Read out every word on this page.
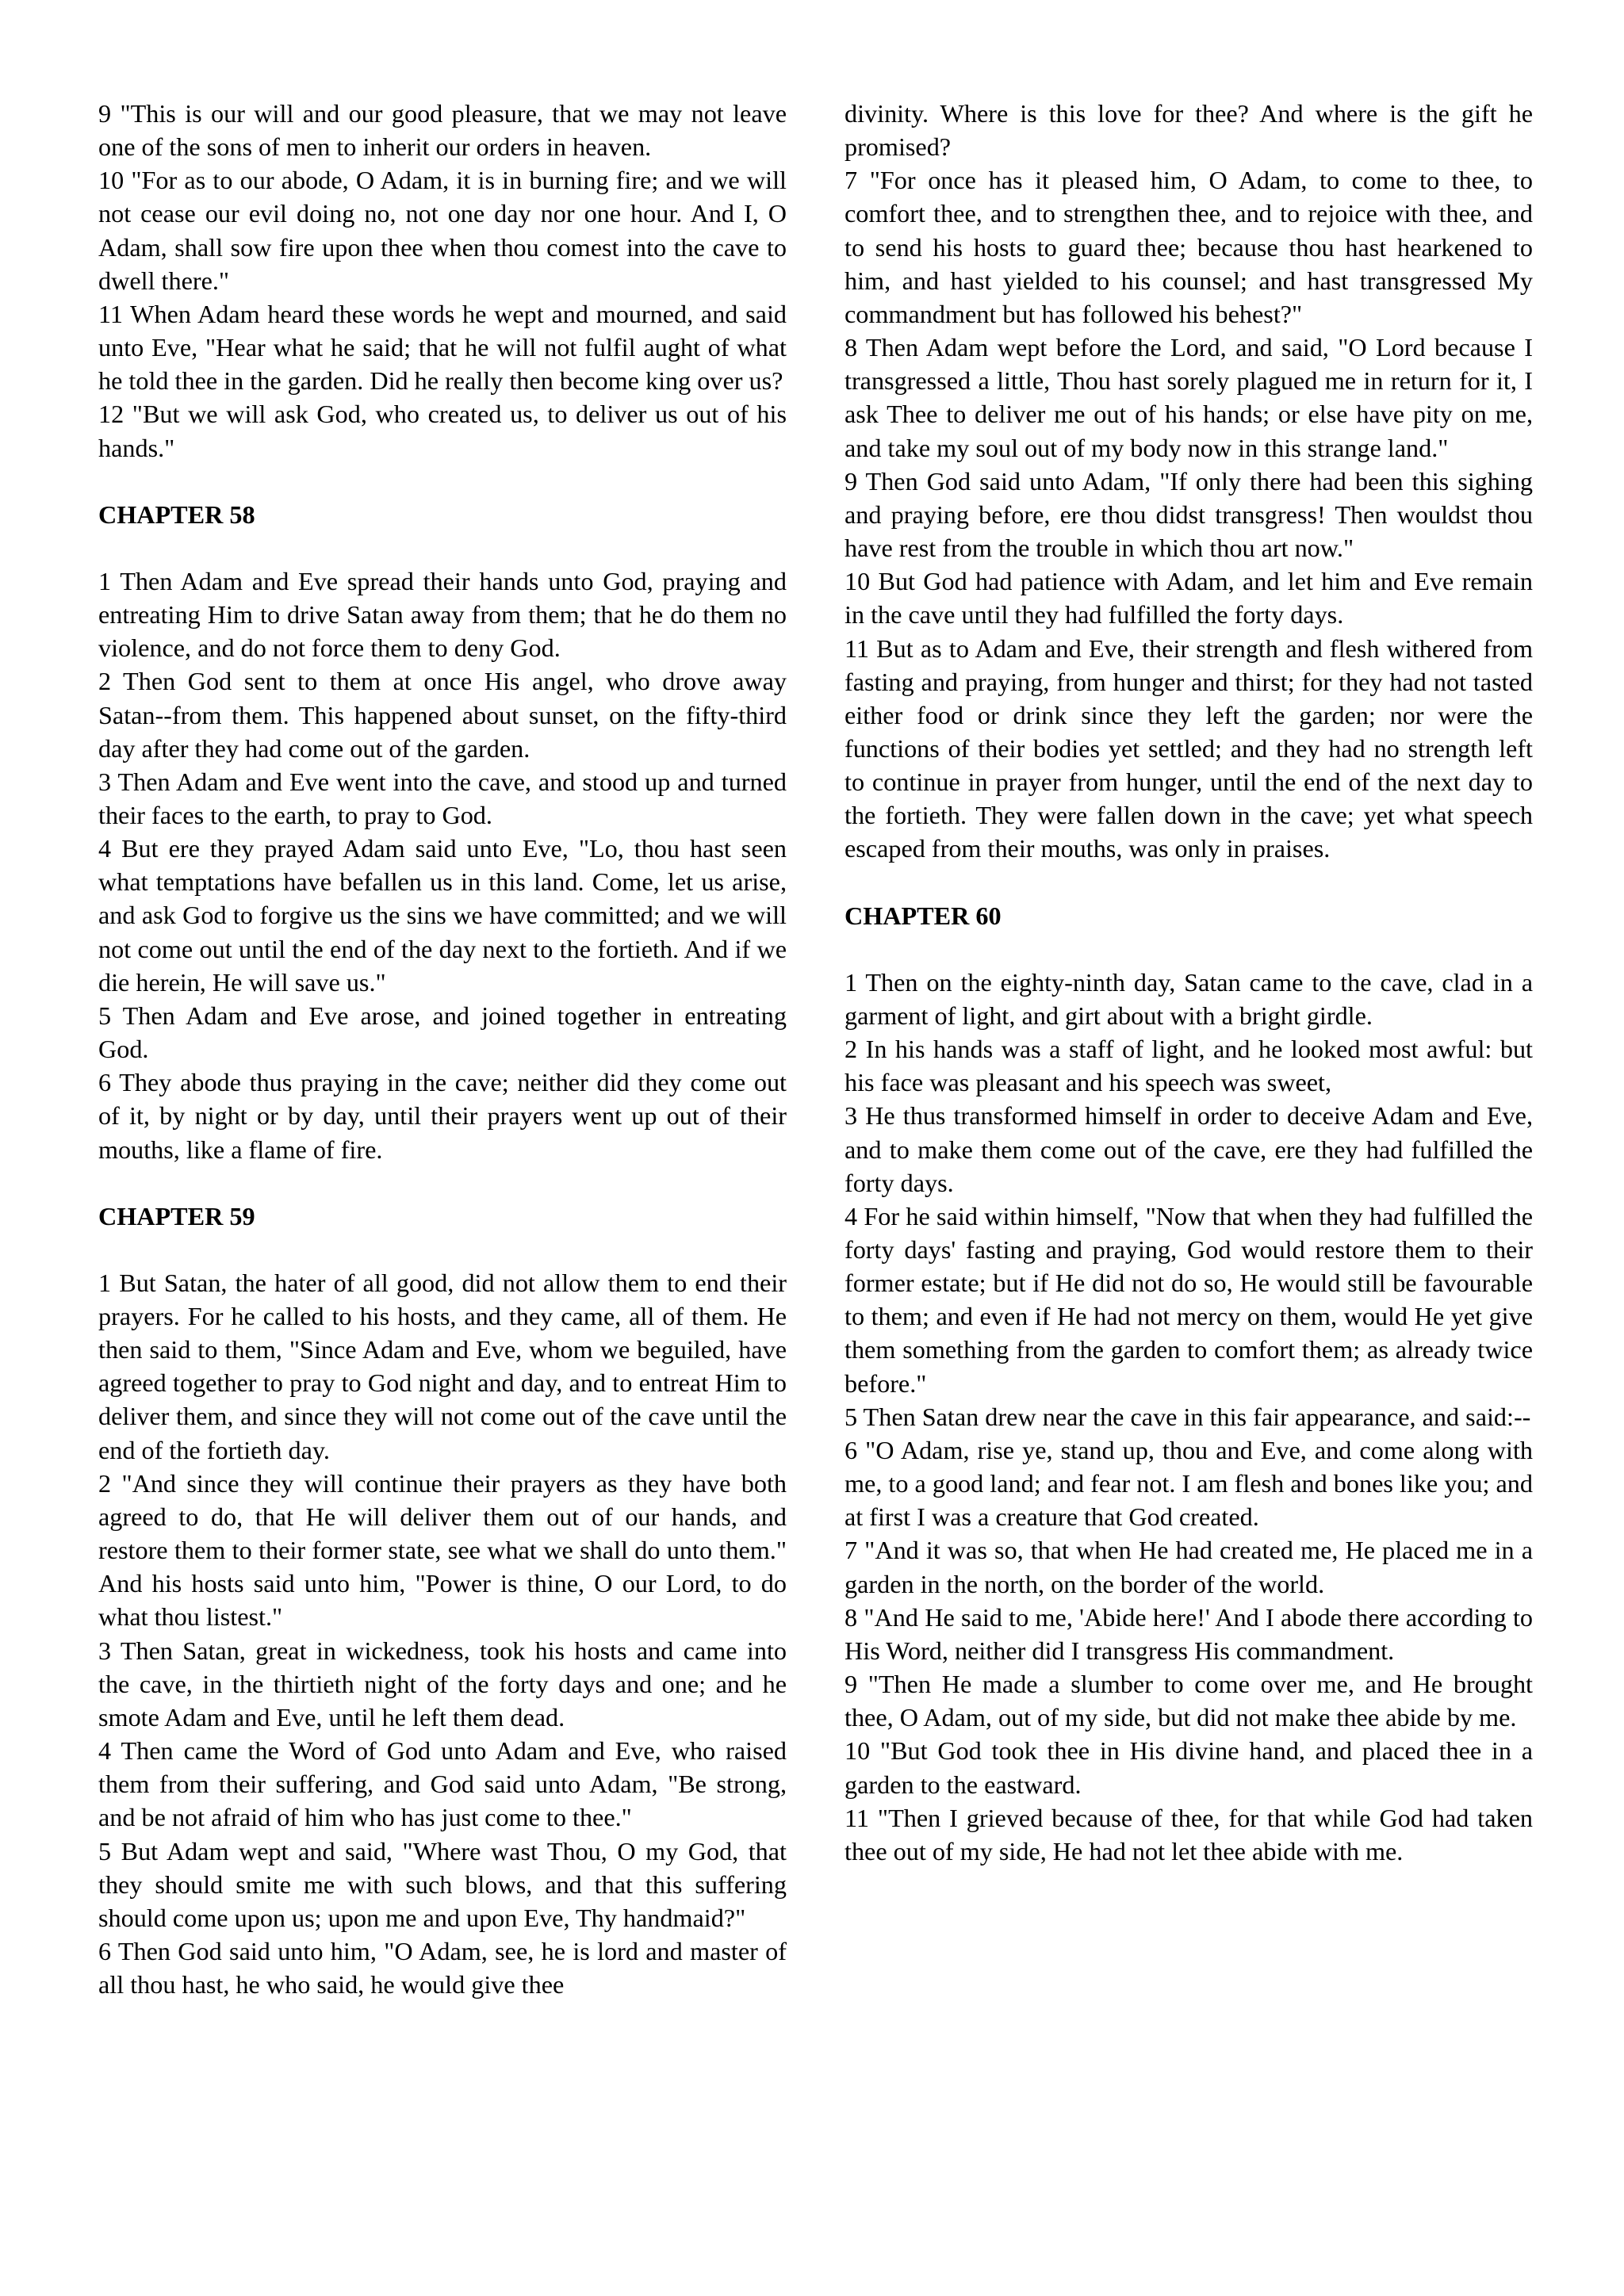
9 "This is our will and our good pleasure, that we may not leave one of the sons of men to inherit our orders in heaven.

10 "For as to our abode, O Adam, it is in burning fire; and we will not cease our evil doing no, not one day nor one hour. And I, O Adam, shall sow fire upon thee when thou comest into the cave to dwell there."

11 When Adam heard these words he wept and mourned, and said unto Eve, "Hear what he said; that he will not fulfil aught of what he told thee in the garden. Did he really then become king over us?

12 "But we will ask God, who created us, to deliver us out of his hands."

CHAPTER 58

1 Then Adam and Eve spread their hands unto God, praying and entreating Him to drive Satan away from them; that he do them no violence, and do not force them to deny God.

2 Then God sent to them at once His angel, who drove away Satan--from them. This happened about sunset, on the fifty-third day after they had come out of the garden.

3 Then Adam and Eve went into the cave, and stood up and turned their faces to the earth, to pray to God.

4 But ere they prayed Adam said unto Eve, "Lo, thou hast seen what temptations have befallen us in this land. Come, let us arise, and ask God to forgive us the sins we have committed; and we will not come out until the end of the day next to the fortieth. And if we die herein, He will save us."

5 Then Adam and Eve arose, and joined together in entreating God.

6 They abode thus praying in the cave; neither did they come out of it, by night or by day, until their prayers went up out of their mouths, like a flame of fire.

CHAPTER 59

1 But Satan, the hater of all good, did not allow them to end their prayers. For he called to his hosts, and they came, all of them. He then said to them, "Since Adam and Eve, whom we beguiled, have agreed together to pray to God night and day, and to entreat Him to deliver them, and since they will not come out of the cave until the end of the fortieth day.

2 "And since they will continue their prayers as they have both agreed to do, that He will deliver them out of our hands, and restore them to their former state, see what we shall do unto them." And his hosts said unto him, "Power is thine, O our Lord, to do what thou listest."

3 Then Satan, great in wickedness, took his hosts and came into the cave, in the thirtieth night of the forty days and one; and he smote Adam and Eve, until he left them dead.

4 Then came the Word of God unto Adam and Eve, who raised them from their suffering, and God said unto Adam, "Be strong, and be not afraid of him who has just come to thee."

5 But Adam wept and said, "Where wast Thou, O my God, that they should smite me with such blows, and that this suffering should come upon us; upon me and upon Eve, Thy handmaid?"

6 Then God said unto him, "O Adam, see, he is lord and master of all thou hast, he who said, he would give thee

divinity. Where is this love for thee? And where is the gift he promised?

7 "For once has it pleased him, O Adam, to come to thee, to comfort thee, and to strengthen thee, and to rejoice with thee, and to send his hosts to guard thee; because thou hast hearkened to him, and hast yielded to his counsel; and hast transgressed My commandment but has followed his behest?"

8 Then Adam wept before the Lord, and said, "O Lord because I transgressed a little, Thou hast sorely plagued me in return for it, I ask Thee to deliver me out of his hands; or else have pity on me, and take my soul out of my body now in this strange land."

9 Then God said unto Adam, "If only there had been this sighing and praying before, ere thou didst transgress! Then wouldst thou have rest from the trouble in which thou art now."

10 But God had patience with Adam, and let him and Eve remain in the cave until they had fulfilled the forty days.

11 But as to Adam and Eve, their strength and flesh withered from fasting and praying, from hunger and thirst; for they had not tasted either food or drink since they left the garden; nor were the functions of their bodies yet settled; and they had no strength left to continue in prayer from hunger, until the end of the next day to the fortieth. They were fallen down in the cave; yet what speech escaped from their mouths, was only in praises.

CHAPTER 60

1 Then on the eighty-ninth day, Satan came to the cave, clad in a garment of light, and girt about with a bright girdle.

2 In his hands was a staff of light, and he looked most awful: but his face was pleasant and his speech was sweet,

3 He thus transformed himself in order to deceive Adam and Eve, and to make them come out of the cave, ere they had fulfilled the forty days.

4 For he said within himself, "Now that when they had fulfilled the forty days' fasting and praying, God would restore them to their former estate; but if He did not do so, He would still be favourable to them; and even if He had not mercy on them, would He yet give them something from the garden to comfort them; as already twice before."

5 Then Satan drew near the cave in this fair appearance, and said:--

6 "O Adam, rise ye, stand up, thou and Eve, and come along with me, to a good land; and fear not. I am flesh and bones like you; and at first I was a creature that God created.

7 "And it was so, that when He had created me, He placed me in a garden in the north, on the border of the world.

8 "And He said to me, 'Abide here!' And I abode there according to His Word, neither did I transgress His commandment.

9 "Then He made a slumber to come over me, and He brought thee, O Adam, out of my side, but did not make thee abide by me.

10 "But God took thee in His divine hand, and placed thee in a garden to the eastward.

11 "Then I grieved because of thee, for that while God had taken thee out of my side, He had not let thee abide with me.
